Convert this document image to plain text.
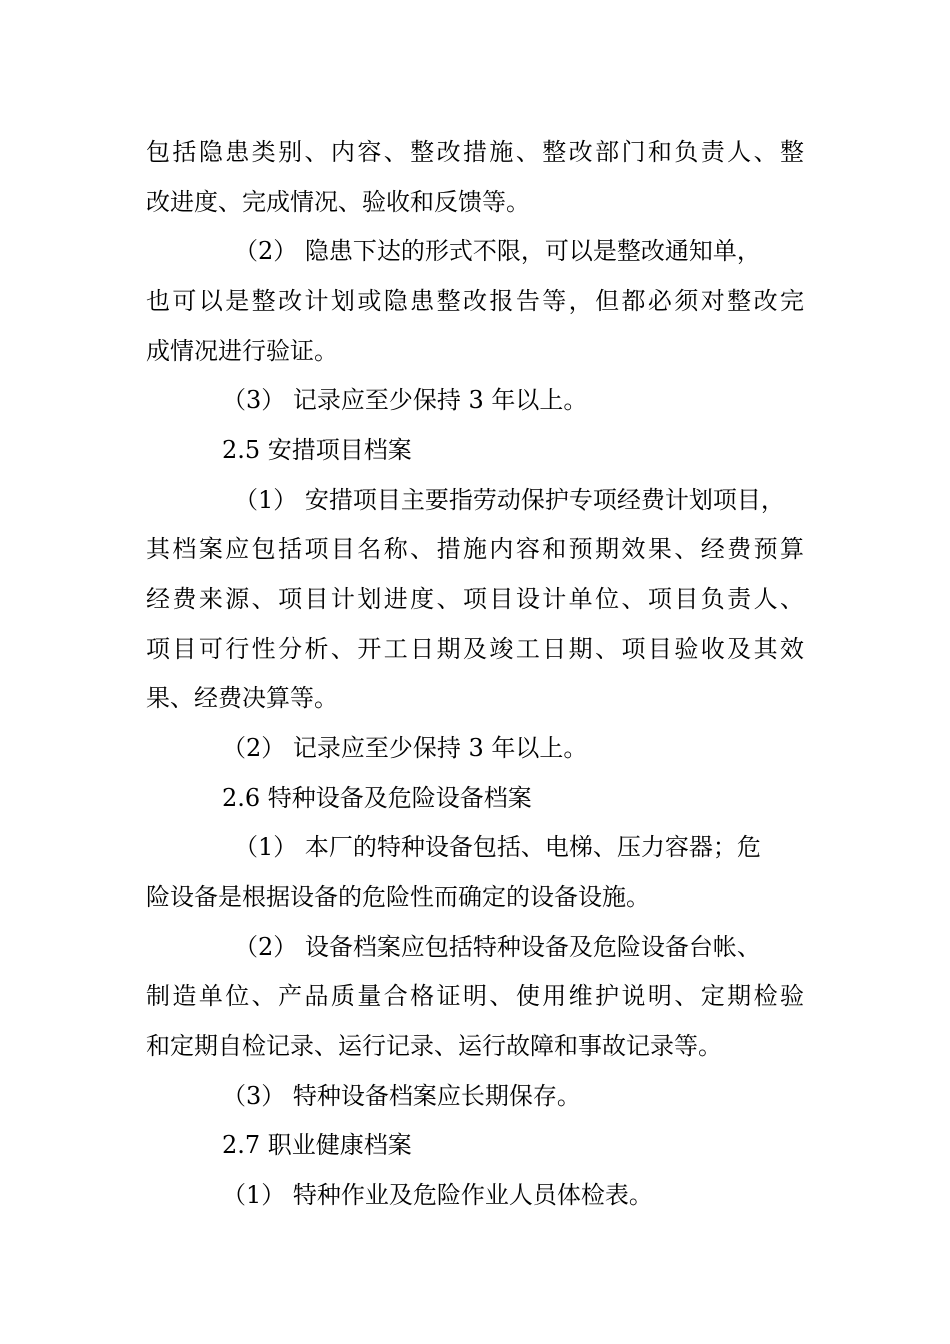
包括隐患类别、内容、整改措施、整改部门和负责人、整
改进度、完成情况、验收和反馈等。
（2） 隐患下达的形式不限，可以是整改通知单，
也可以是整改计划或隐患整改报告等，但都必须对整改完
成情况进行验证。
（3） 记录应至少保持 3 年以上。
2.5 安措项目档案
（1） 安措项目主要指劳动保护专项经费计划项目，
其档案应包括项目名称、措施内容和预期效果、经费预算
经费来源、项目计划进度、项目设计单位、项目负责人、
项目可行性分析、开工日期及竣工日期、项目验收及其效
果、经费决算等。
（2） 记录应至少保持 3 年以上。
2.6 特种设备及危险设备档案
（1） 本厂的特种设备包括、电梯、压力容器；危
险设备是根据设备的危险性而确定的设备设施。
（2） 设备档案应包括特种设备及危险设备台帐、
制造单位、产品质量合格证明、使用维护说明、定期检验
和定期自检记录、运行记录、运行故障和事故记录等。
（3） 特种设备档案应长期保存。
2.7 职业健康档案
（1） 特种作业及危险作业人员体检表。
